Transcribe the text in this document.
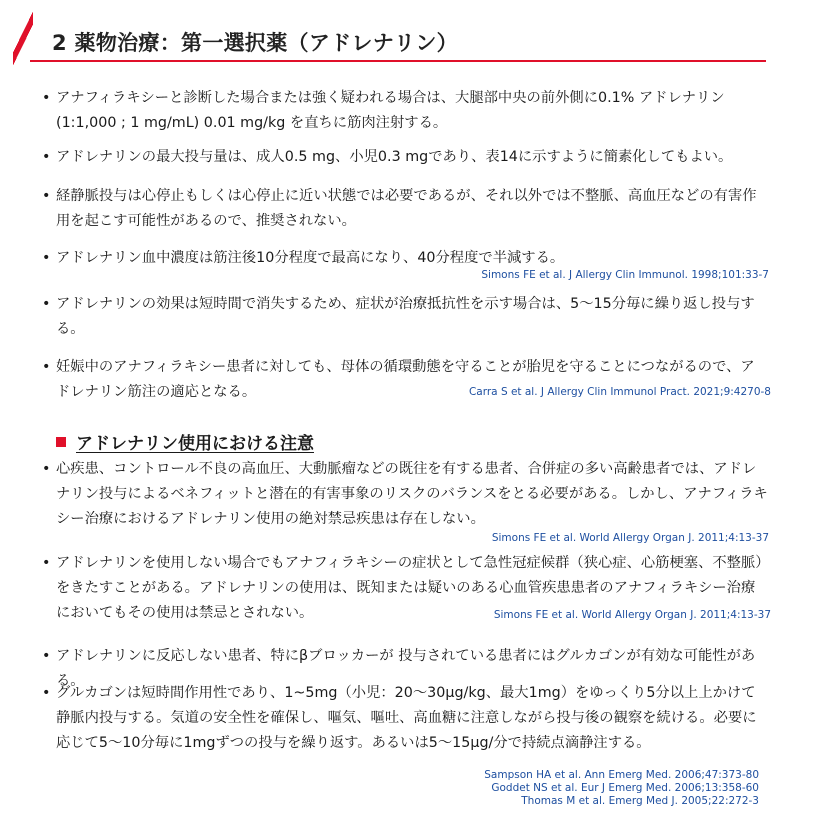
2 薬物治療：第一選択薬（アドレナリン）
• アナフィラキシーと診断した場合または強く疑われる場合は、大腿部中央の前外側に0.1% アドレナリン (1:1,000 ; 1 mg/mL) 0.01 mg/kg を直ちに筋肉注射する。
• アドレナリンの最大投与量は、成人0.5 mg、小児0.3 mgであり、表14に示すように簡素化してもよい。
• 経静脈投与は心停止もしくは心停止に近い状態では必要であるが、それ以外では不整脈、高血圧などの有害作用を起こす可能性があるので、推奨されない。
• アドレナリン血中濃度は筋注後10分程度で最高になり、40分程度で半減する。
Simons FE et al. J Allergy Clin Immunol. 1998;101:33-7
• アドレナリンの効果は短時間で消失するため、症状が治療抵抗性を示す場合は、5～15分毎に繰り返し投与する。
• 妊娠中のアナフィラキシー患者に対しても、母体の循環動態を守ることが胎児を守ることにつながるので、アドレナリン筋注の適応となる。	Carra S et al. J Allergy Clin Immunol Pract. 2021;9:4270-8
アドレナリン使用における注意
• 心疾患、コントロール不良の高血圧、大動脈瘤などの既往を有する患者、合併症の多い高齢患者では、アドレナリン投与によるベネフィットと潜在的有害事象のリスクのバランスをとる必要がある。しかし、アナフィラキシー治療におけるアドレナリン使用の絶対禁忌疾患は存在しない。
Simons FE et al. World Allergy Organ J. 2011;4:13-37
• アドレナリンを使用しない場合でもアナフィラキシーの症状として急性冠症候群（狭心症、心筋梗塞、不整脈）をきたすことがある。アドレナリンの使用は、既知または疑いのある心血管疾患患者のアナフィラキシー治療においてもその使用は禁忌とされない。	Simons FE et al. World Allergy Organ J. 2011;4:13-37
• アドレナリンに反応しない患者、特にβブロッカーが 投与されている患者にはグルカゴンが有効な可能性がある。
• グルカゴンは短時間作用性であり、1~5mg（小児：20～30μg/kg、最大1mg）をゆっくり5分以上上かけて静脈内投与する。気道の安全性を確保し、嘔気、嘔吐、高血糖に注意しながら投与後の観察を続ける。必要に応じて5～10分毎に1mgずつの投与を繰り返す。あるいは5～15μg/分で持続点滴静注する。
Sampson HA et al. Ann Emerg Med. 2006;47:373-80
Goddet NS et al. Eur J Emerg Med. 2006;13:358-60
Thomas M et al. Emerg Med J. 2005;22:272-3
